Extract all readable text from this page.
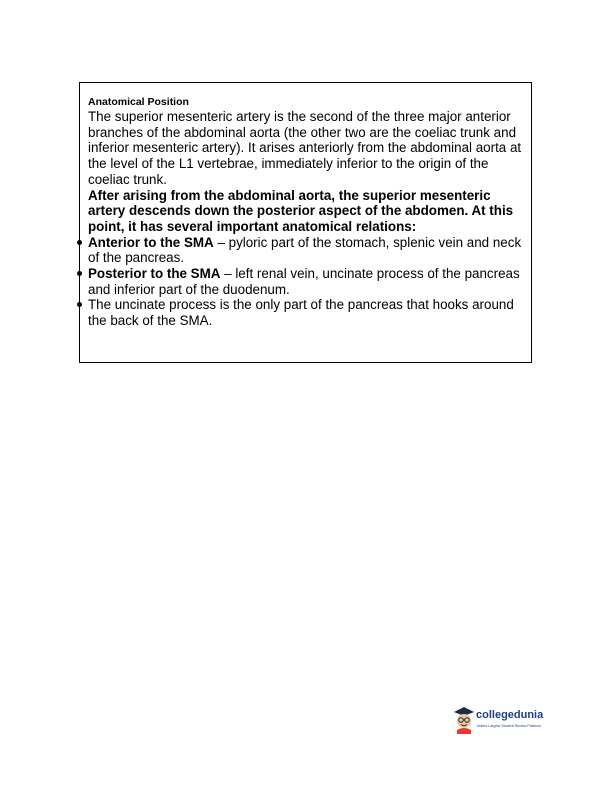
Anatomical Position

The superior mesenteric artery is the second of the three major anterior branches of the abdominal aorta (the other two are the coeliac trunk and inferior mesenteric artery). It arises anteriorly from the abdominal aorta at the level of the L1 vertebrae, immediately inferior to the origin of the coeliac trunk.

After arising from the abdominal aorta, the superior mesenteric artery descends down the posterior aspect of the abdomen. At this point, it has several important anatomical relations:

Anterior to the SMA – pyloric part of the stomach, splenic vein and neck of the pancreas.
Posterior to the SMA – left renal vein, uncinate process of the pancreas and inferior part of the duodenum.
The uncinate process is the only part of the pancreas that hooks around the back of the SMA.
collegedunia
India's Largest Student Review Platform
